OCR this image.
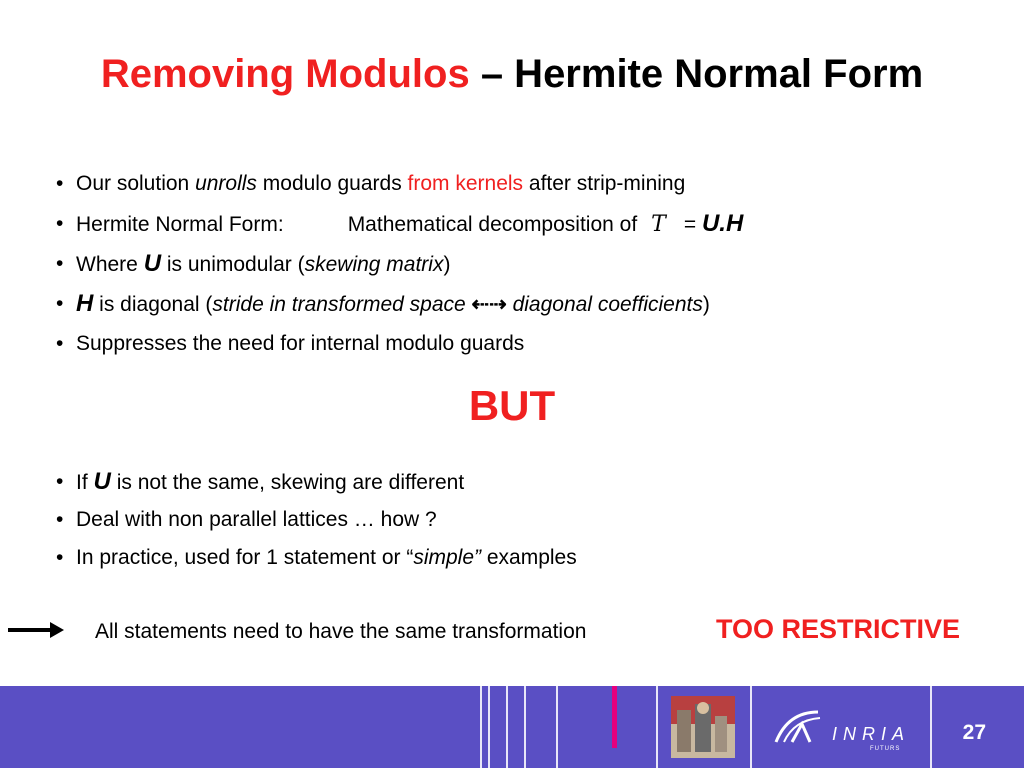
Removing Modulos – Hermite Normal Form
• Our solution unrolls modulo guards from kernels after strip-mining
• Hermite Normal Form:	Mathematical decomposition of T = U.H
• Where U is unimodular (skewing matrix)
• H is diagonal (stride in transformed space ⇠⇢ diagonal coefficients)
• Suppresses the need for internal modulo guards
BUT
• If U is not the same, skewing are different
• Deal with non parallel lattices … how ?
• In practice, used for 1 statement or “simple” examples
All statements need to have the same transformation	TOO RESTRICTIVE
INRIA
FUTURS
27
